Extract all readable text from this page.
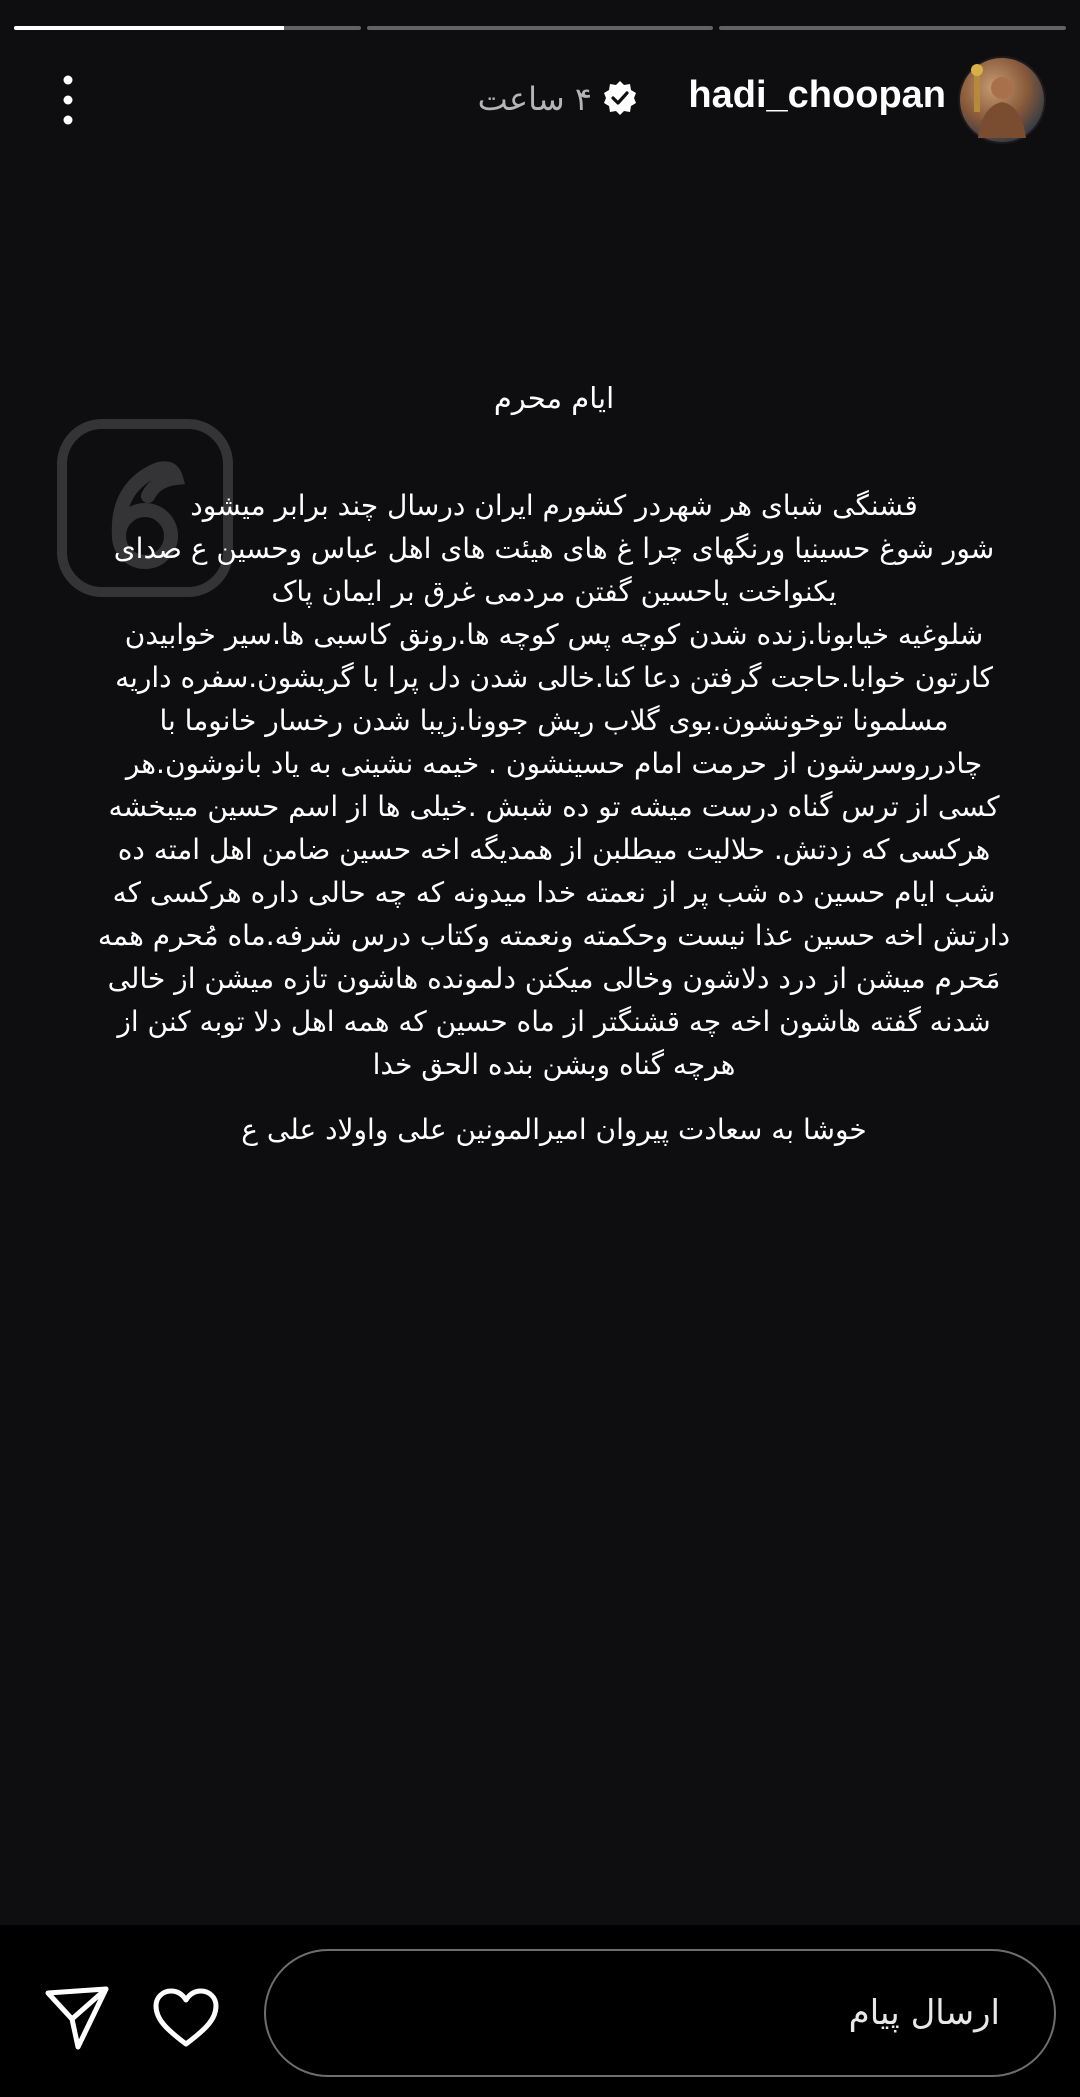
hadi_choopan
۴ ساعت

ایام محرم

قشنگی شبای هر شهردر کشورم ایران درسال چند برابر میشود
شور شوغ حسینیا ورنگهای چرا غ های هیئت های اهل عباس وحسین ع صدای
یکنواخت یاحسین گفتن مردمی غرق بر ایمان پاک
شلوغیه خیابونا.زنده شدن کوچه پس کوچه ها.رونق کاسبی ها.سیر خوابیدن
کارتون خوابا.حاجت گرفتن دعا کنا.خالی شدن دل پرا با گریشون.سفره داریه
مسلمونا توخونشون.بوی گلاب ریش جوونا.زیبا شدن رخسار خانوما با
چادرروسرشون از حرمت امام حسینشون . خیمه نشینی به یاد بانوشون.هر
کسی از ترس گناه درست میشه تو ده شبش .خیلی ها از اسم حسین میبخشه
هرکسی که زدتش. حلالیت میطلبن از همدیگه اخه حسین ضامن اهل امته ده
شب ایام حسین ده شب پر از نعمته خدا میدونه که چه حالی داره هرکسی که
دارتش اخه حسین عذا نیست وحکمته ونعمته وکتاب درس شرفه.ماه مُحرم همه
مَحرم میشن از درد دلاشون وخالی میکنن دلمونده هاشون تازه میشن از خالی
شدنه گفته هاشون اخه چه قشنگتر از ماه حسین که همه اهل دلا توبه کنن از
هرچه گناه وبشن بنده الحق خدا

خوشا به سعادت پیروان امیرالمونین علی واولاد علی ع

ارسال پیام
